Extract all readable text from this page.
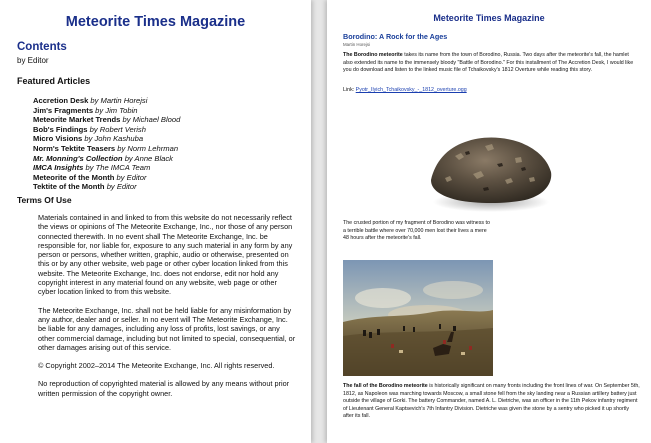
Meteorite Times Magazine
Contents
by Editor
Featured Articles
Accretion Desk by Martin Horejsi
Jim's Fragments by Jim Tobin
Meteorite Market Trends by Michael Blood
Bob's Findings by Robert Verish
Micro Visions by John Kashuba
Norm's Tektite Teasers by Norm Lehrman
Mr. Monning's Collection by Anne Black
IMCA Insights by The IMCA Team
Meteorite of the Month by Editor
Tektite of the Month by Editor
Terms Of Use

Materials contained in and linked to from this website do not necessarily reflect the views or opinions of The Meteorite Exchange, Inc., nor those of any person connected therewith. In no event shall The Meteorite Exchange, Inc. be responsible for, nor liable for, exposure to any such material in any form by any person or persons, whether written, graphic, audio or otherwise, presented on this or by any other website, web page or other cyber location linked from this website. The Meteorite Exchange, Inc. does not endorse, edit nor hold any copyright interest in any material found on any website, web page or other cyber location linked to from this website.

The Meteorite Exchange, Inc. shall not be held liable for any misinformation by any author, dealer and or seller. In no event will The Meteorite Exchange, Inc. be liable for any damages, including any loss of profits, lost savings, or any other commercial damage, including but not limited to special, consequential, or other damages arising out of this service.

© Copyright 2002–2014 The Meteorite Exchange, Inc. All rights reserved.

No reproduction of copyrighted material is allowed by any means without prior written permission of the copyright owner.

Meteorite Times Magazine
Borodino: A Rock for the Ages
Martin Horejsi
The Borodino meteorite takes its name from the town of Borodino, Russia. Two days after the meteorite's fall, the hamlet also extended its name to the immensely bloody "Battle of Borodino." For this installment of The Accretion Desk, I would like you do download and listen to the linked music file of Tchaikovsky's 1812 Overture while reading this story.
Link: Pyotr_Ilyich_Tchaikovsky_-_1812_overture.ogg
The crusted portion of my fragment of Borodino was witness to a terrible battle where over 70,000 men lost their lives a mere 48 hours after the meteorite's fall.
The fall of the Borodino meteorite is historically significant on many fronts including the front lines of war. On September 5th, 1812, as Napoleon was marching towards Moscow, a small stone fell from the sky landing near a Russian artillery battery just outside the village of Gorki. The battery Commander, named A. L. Dietriche, was an officer in the 11th Pekov infantry regiment of Lieutenant General Kaptsevich's 7th Infantry Division. Dietriche was given the stone by a sentry who picked it up shortly after its fall.
